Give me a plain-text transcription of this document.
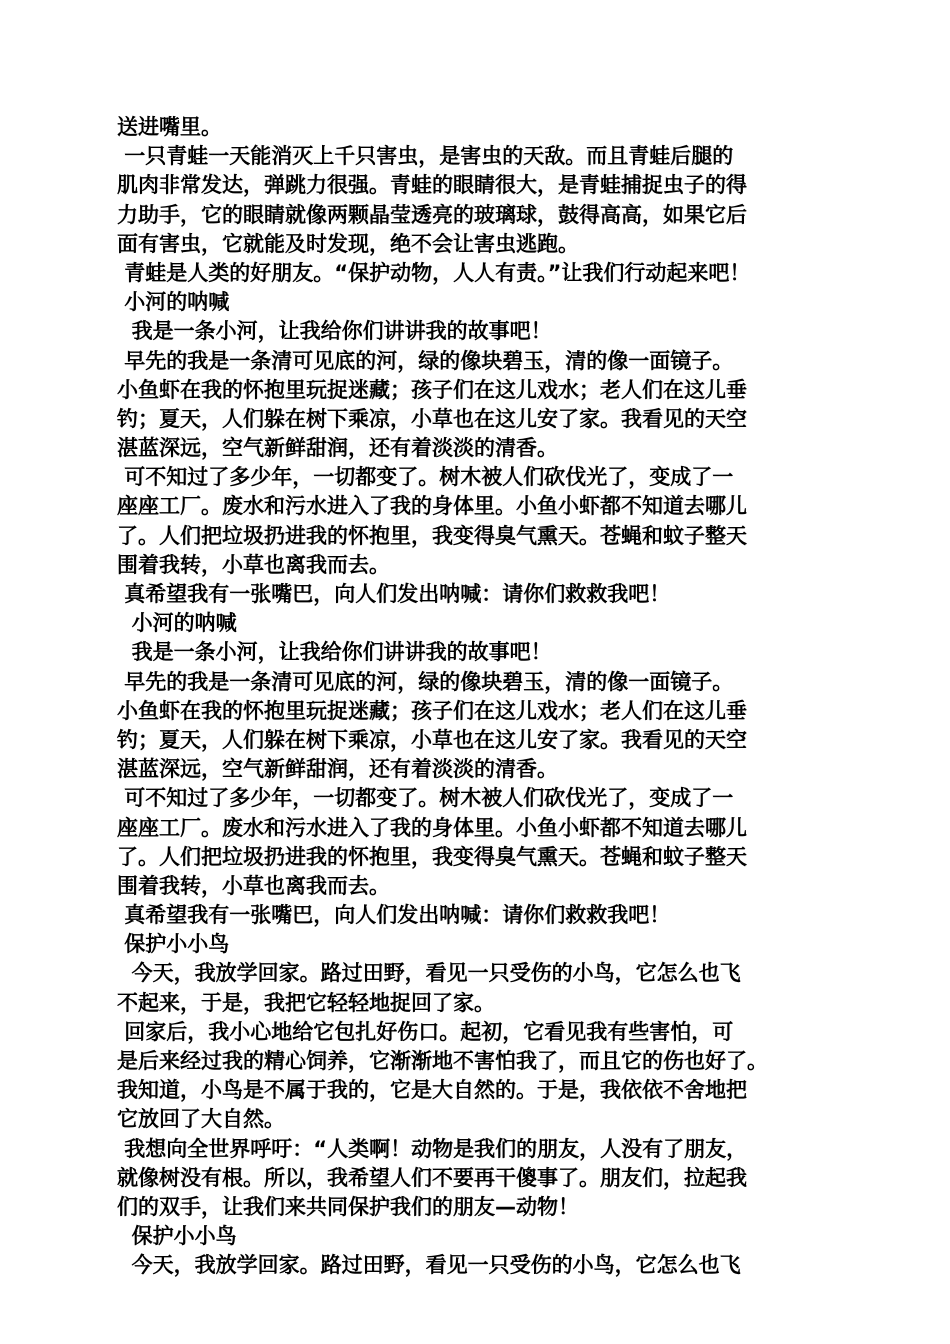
送进嘴里。
一只青蛙一天能消灭上千只害虫，是害虫的天敌。而且青蛙后腿的
肌肉非常发达，弹跳力很强。青蛙的眼睛很大，是青蛙捕捉虫子的得
力助手，它的眼睛就像两颗晶莹透亮的玻璃球，鼓得高高，如果它后
面有害虫，它就能及时发现，绝不会让害虫逃跑。
青蛙是人类的好朋友。“保护动物，人人有责。”让我们行动起来吧！
小河的呐喊
我是一条小河，让我给你们讲讲我的故事吧！
早先的我是一条清可见底的河，绿的像块碧玉，清的像一面镜子。
小鱼虾在我的怀抱里玩捉迷藏；孩子们在这儿戏水；老人们在这儿垂
钓；夏天，人们躲在树下乘凉，小草也在这儿安了家。我看见的天空
湛蓝深远，空气新鲜甜润，还有着淡淡的清香。
可不知过了多少年，一切都变了。树木被人们砍伐光了，变成了一
座座工厂。废水和污水进入了我的身体里。小鱼小虾都不知道去哪儿
了。人们把垃圾扔进我的怀抱里，我变得臭气熏天。苍蝇和蚊子整天
围着我转，小草也离我而去。
真希望我有一张嘴巴，向人们发出呐喊：请你们救救我吧！
小河的呐喊
我是一条小河，让我给你们讲讲我的故事吧！
早先的我是一条清可见底的河，绿的像块碧玉，清的像一面镜子。
小鱼虾在我的怀抱里玩捉迷藏；孩子们在这儿戏水；老人们在这儿垂
钓；夏天，人们躲在树下乘凉，小草也在这儿安了家。我看见的天空
湛蓝深远，空气新鲜甜润，还有着淡淡的清香。
可不知过了多少年，一切都变了。树木被人们砍伐光了，变成了一
座座工厂。废水和污水进入了我的身体里。小鱼小虾都不知道去哪儿
了。人们把垃圾扔进我的怀抱里，我变得臭气熏天。苍蝇和蚊子整天
围着我转，小草也离我而去。
真希望我有一张嘴巴，向人们发出呐喊：请你们救救我吧！
保护小小鸟
今天，我放学回家。路过田野，看见一只受伤的小鸟，它怎么也飞
不起来，于是，我把它轻轻地捉回了家。
回家后，我小心地给它包扎好伤口。起初，它看见我有些害怕，可
是后来经过我的精心饲养，它渐渐地不害怕我了，而且它的伤也好了。
我知道，小鸟是不属于我的，它是大自然的。于是，我依依不舍地把
它放回了大自然。
我想向全世界呼吁：“人类啊！动物是我们的朋友，人没有了朋友，
就像树没有根。所以，我希望人们不要再干傻事了。朋友们，拉起我
们的双手，让我们来共同保护我们的朋友—动物！
保护小小鸟
今天，我放学回家。路过田野，看见一只受伤的小鸟，它怎么也飞
